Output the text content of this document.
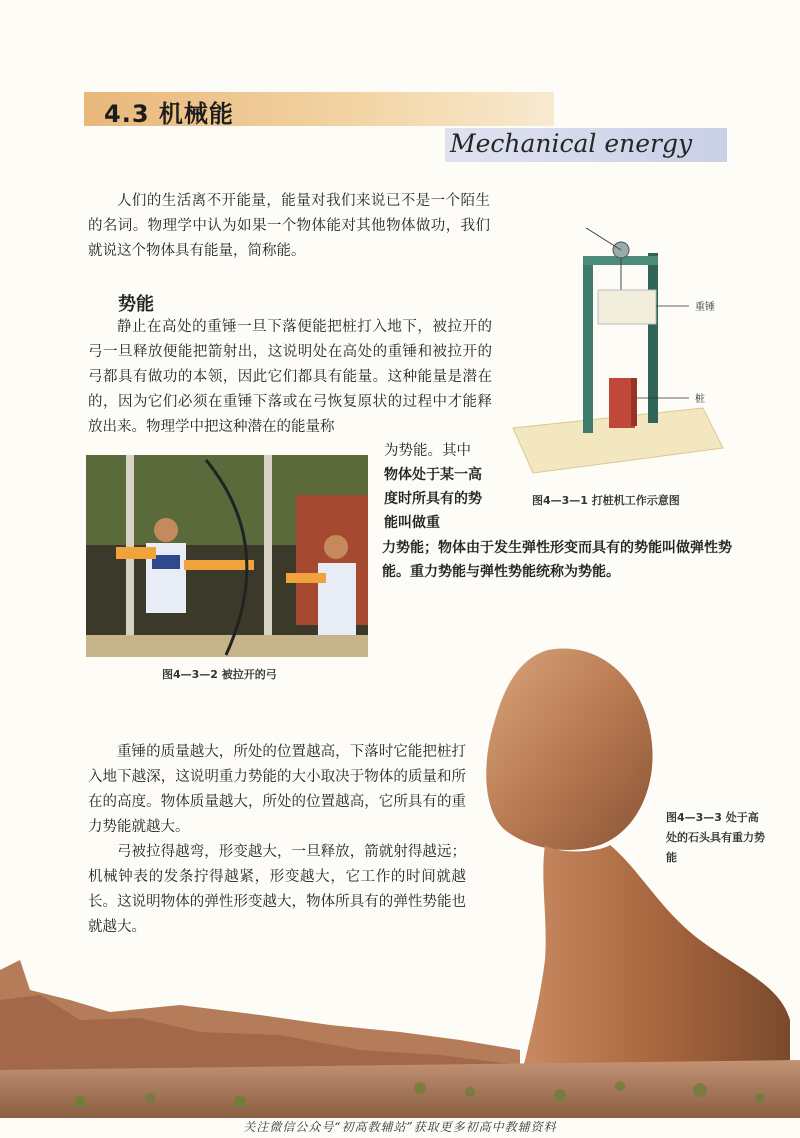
4.3 机械能
Mechanical energy
人们的生活离不开能量，能量对我们来说已不是一个陌生的名词。物理学中认为如果一个物体能对其他物体做功，我们就说这个物体具有能量，简称能。
重锤
桩
图4—3—1 打桩机工作示意图
势能
静止在高处的重锤一旦下落便能把桩打入地下，被拉开的弓一旦释放便能把箭射出，这说明处在高处的重锤和被拉开的弓都具有做功的本领，因此它们都具有能量。这种能量是潜在的，因为它们必须在重锤下落或在弓恢复原状的过程中才能释放出来。物理学中把这种潜在的能量称
图4—3—2 被拉开的弓
为势能。其中
物体处于某一高度时所具有的势能叫做重
力势能；物体由于发生弹性形变而具有的势能叫做弹性势能。重力势能与弹性势能统称为势能。
重锤的质量越大，所处的位置越高，下落时它能把桩打入地下越深，这说明重力势能的大小取决于物体的质量和所在的高度。物体质量越大，所处的位置越高，它所具有的重力势能就越大。
弓被拉得越弯，形变越大，一旦释放，箭就射得越远；机械钟表的发条拧得越紧，形变越大，它工作的时间就越长。这说明物体的弹性形变越大，物体所具有的弹性势能也就越大。
图4—3—3 处于高处的石头具有重力势能
关注微信公众号“初高教辅站”获取更多初高中教辅资料
